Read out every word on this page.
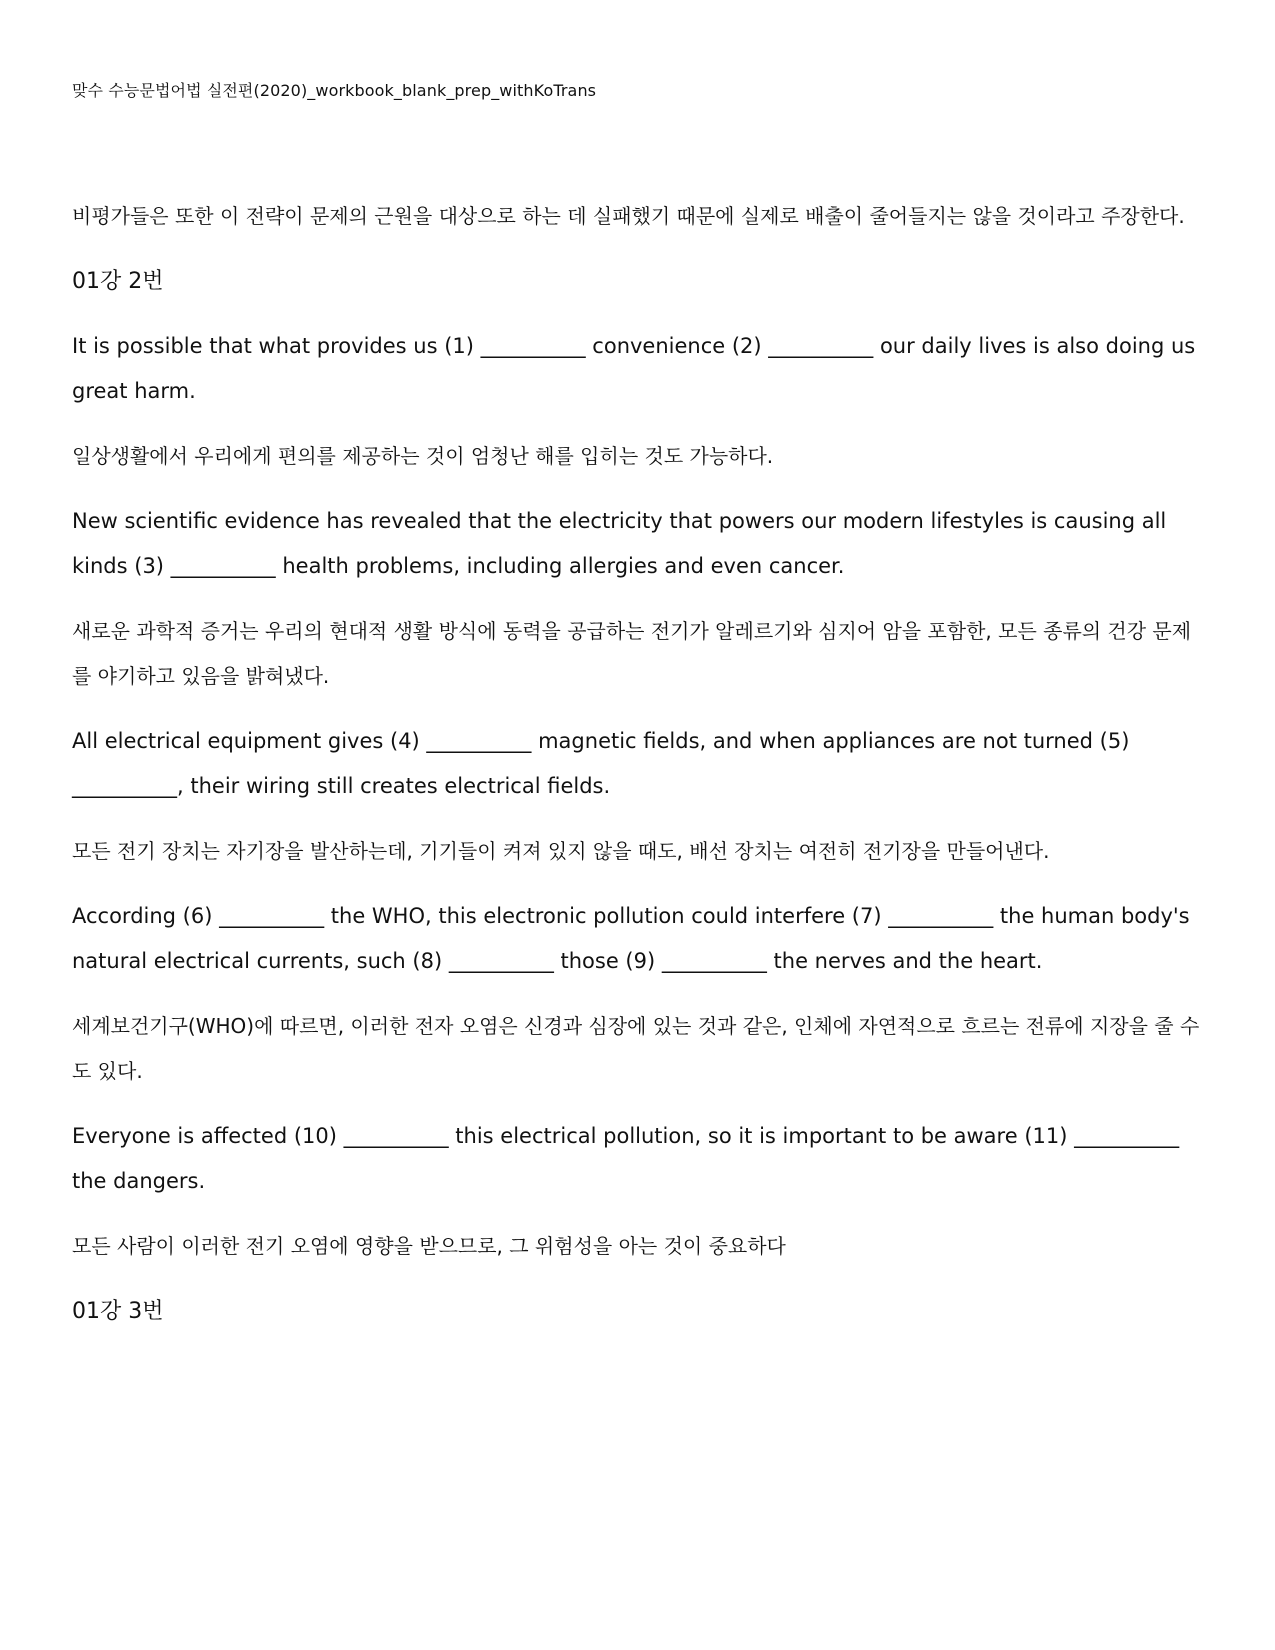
맞수 수능문법어법 실전편(2020)_workbook_blank_prep_withKoTrans

비평가들은 또한 이 전략이 문제의 근원을 대상으로 하는 데 실패했기 때문에 실제로 배출이 줄어들지는 않을 것이라고 주장한다.

01강 2번

It is possible that what provides us (1) __________ convenience (2) __________ our daily lives is also doing us great harm.

일상생활에서 우리에게 편의를 제공하는 것이 엄청난 해를 입히는 것도 가능하다.

New scientific evidence has revealed that the electricity that powers our modern lifestyles is causing all kinds (3) __________ health problems, including allergies and even cancer.

새로운 과학적 증거는 우리의 현대적 생활 방식에 동력을 공급하는 전기가 알레르기와 심지어 암을 포함한, 모든 종류의 건강 문제를 야기하고 있음을 밝혀냈다.

All electrical equipment gives (4) __________ magnetic fields, and when appliances are not turned (5) __________, their wiring still creates electrical fields.

모든 전기 장치는 자기장을 발산하는데, 기기들이 켜져 있지 않을 때도, 배선 장치는 여전히 전기장을 만들어낸다.

According (6) __________ the WHO, this electronic pollution could interfere (7) __________ the human body's natural electrical currents, such (8) __________ those (9) __________ the nerves and the heart.

세계보건기구(WHO)에 따르면, 이러한 전자 오염은 신경과 심장에 있는 것과 같은, 인체에 자연적으로 흐르는 전류에 지장을 줄 수도 있다.

Everyone is affected (10) __________ this electrical pollution, so it is important to be aware (11) __________ the dangers.

모든 사람이 이러한 전기 오염에 영향을 받으므로, 그 위험성을 아는 것이 중요하다

01강 3번
